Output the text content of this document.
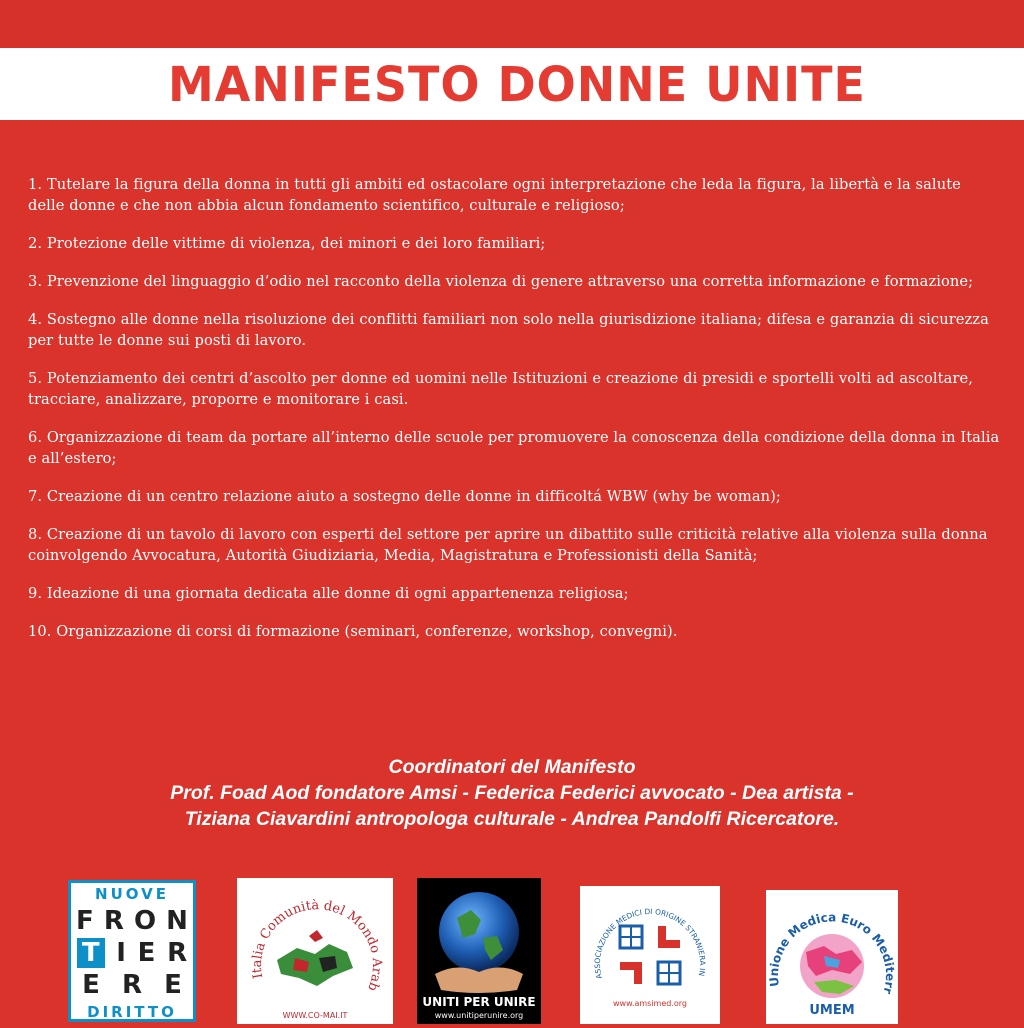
MANIFESTO DONNE UNITE
1. Tutelare la figura della donna in tutti gli ambiti ed ostacolare ogni interpretazione che leda la figura, la libertà e la salute delle donne e che non abbia alcun fondamento scientifico, culturale e religioso;
2. Protezione delle vittime di violenza, dei minori e dei loro familiari;
3. Prevenzione del linguaggio d’odio nel racconto della violenza di genere attraverso una corretta informazione e formazione;
4. Sostegno alle donne nella risoluzione dei conflitti familiari non solo nella giurisdizione italiana; difesa e garanzia di sicurezza per tutte le donne sui posti di lavoro.
5. Potenziamento dei centri d’ascolto per donne ed uomini nelle Istituzioni e creazione di presidi e sportelli volti ad ascoltare, tracciare, analizzare, proporre e monitorare i casi.
6. Organizzazione di team da portare all’interno delle scuole per promuovere la conoscenza della condizione della donna in Italia e all’estero;
7. Creazione di un centro relazione aiuto a sostegno delle donne in difficoltá WBW (why be woman);
8. Creazione di un tavolo di lavoro con esperti del settore per aprire un dibattito sulle criticità relative alla violenza sulla donna coinvolgendo Avvocatura, Autorità Giudiziaria, Media, Magistratura e Professionisti della Sanità;
9. Ideazione di una giornata dedicata alle donne di ogni appartenenza religiosa;
10. Organizzazione di corsi di formazione (seminari, conferenze, workshop, convegni).
Coordinatori del Manifesto
Prof. Foad Aod fondatore Amsi - Federica Federici avvocato - Dea artista -
Tiziana Ciavardini antropologa culturale - Andrea Pandolfi Ricercatore.
NUOVE
F R O N
T I E R
E R E
DIRITTO
Italia Comunità del Mondo Arab
WWW.CO-MAI.IT
UNITI PER UNIRE
www.unitiperunire.org
ASSOCIAZIONE MEDICI DI ORIGINE STRANIERA IN
www.amsimed.org
Unione Medica Euro Mediterr
UMEM
